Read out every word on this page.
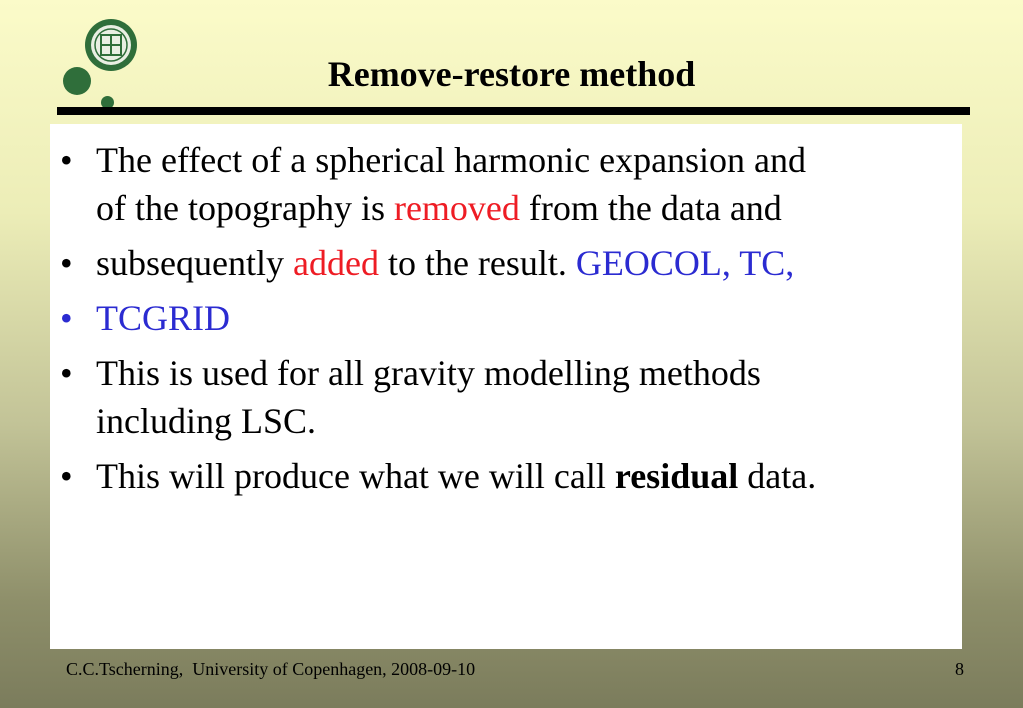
Remove-restore method
• The effect of a spherical harmonic expansion and
of the topography is removed from the data and
• subsequently added to the result. GEOCOL, TC,
• TCGRID
• This is used for all gravity modelling methods
including LSC.
• This will produce what we will call residual data.
C.C.Tscherning,  University of Copenhagen, 2008-09-10	8
